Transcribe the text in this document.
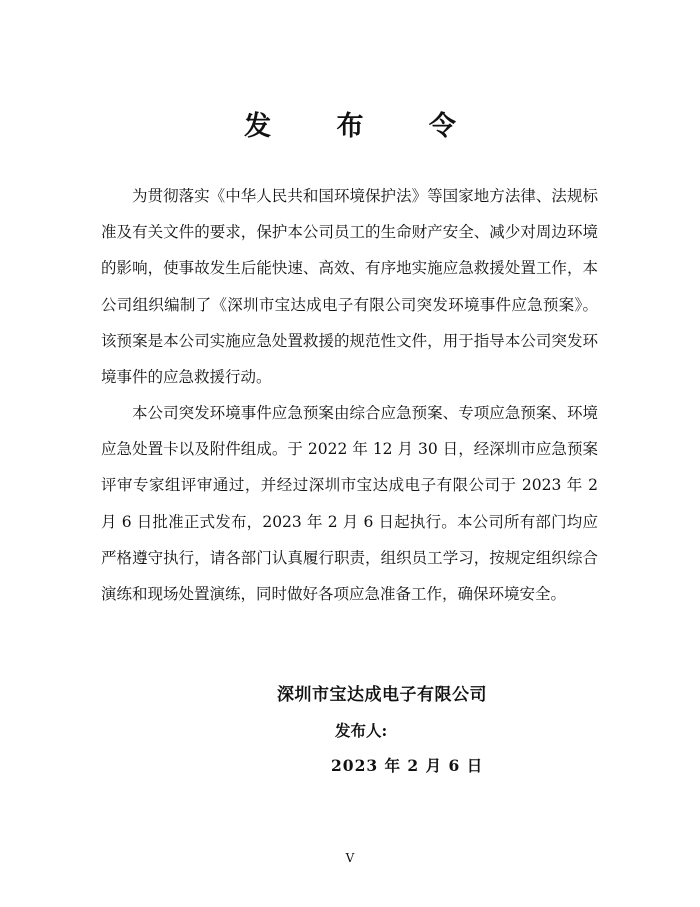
发 布 令

为贯彻落实《中华人民共和国环境保护法》等国家地方法律、法规标准及有关文件的要求，保护本公司员工的生命财产安全、减少对周边环境的影响，使事故发生后能快速、高效、有序地实施应急救援处置工作，本公司组织编制了《深圳市宝达成电子有限公司突发环境事件应急预案》。该预案是本公司实施应急处置救援的规范性文件，用于指导本公司突发环境事件的应急救援行动。

本公司突发环境事件应急预案由综合应急预案、专项应急预案、环境应急处置卡以及附件组成。于 2022 年 12 月 30 日，经深圳市应急预案评审专家组评审通过，并经过深圳市宝达成电子有限公司于 2023 年 2 月 6 日批准正式发布，2023 年 2 月 6 日起执行。本公司所有部门均应严格遵守执行，请各部门认真履行职责，组织员工学习，按规定组织综合演练和现场处置演练，同时做好各项应急准备工作，确保环境安全。

深圳市宝达成电子有限公司
发布人:
2023 年 2 月 6 日
V
